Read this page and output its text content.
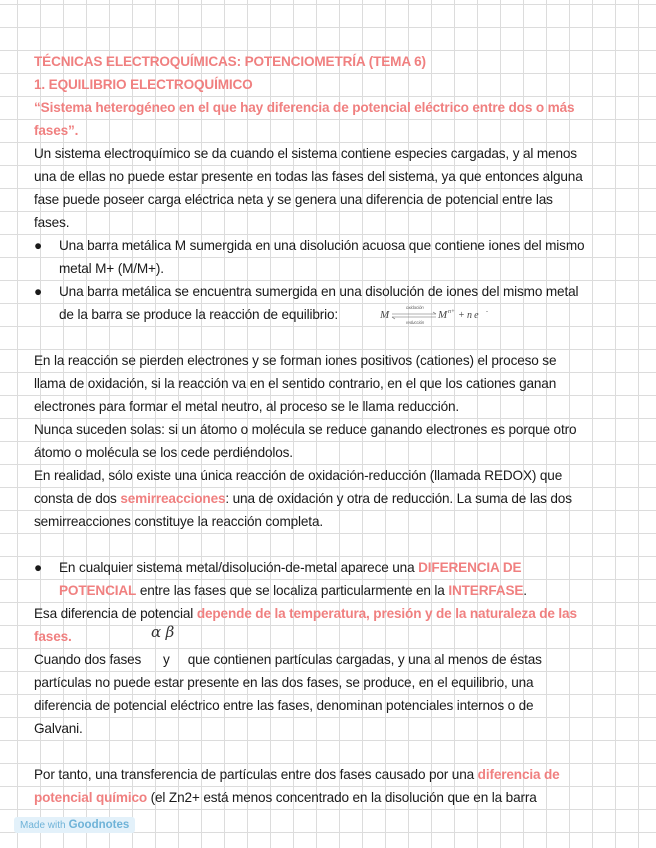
TÉCNICAS ELECTROQUÍMICAS: POTENCIOMETRÍA (TEMA 6)
1. EQUILIBRIO ELECTROQUÍMICO
“Sistema heterogéneo en el que hay diferencia de potencial eléctrico entre dos o más
fases”.
Un sistema electroquímico se da cuando el sistema contiene especies cargadas, y al menos
una de ellas no puede estar presente en todas las fases del sistema, ya que entonces alguna
fase puede poseer carga eléctrica neta y se genera una diferencia de potencial entre las
fases.
● Una barra metálica M sumergida en una disolución acuosa que contiene iones del mismo
metal M+ (M/M+).
● Una barra metálica se encuentra sumergida en una disolución de iones del mismo metal
de la barra se produce la reacción de equilibrio:	M
oxidación
reducción
M n+ + n e -
En la reacción se pierden electrones y se forman iones positivos (cationes) el proceso se
llama de oxidación, si la reacción va en el sentido contrario, en el que los cationes ganan
electrones para formar el metal neutro, al proceso se le llama reducción.
Nunca suceden solas: si un átomo o molécula se reduce ganando electrones es porque otro
átomo o molécula se los cede perdiéndolos.
En realidad, sólo existe una única reacción de oxidación-reducción (llamada REDOX) que
consta de dos semirreacciones: una de oxidación y otra de reducción. La suma de las dos
semirreacciones constituye la reacción completa.
● En cualquier sistema metal/disolución-de-metal aparece una DIFERENCIA DE
POTENCIAL entre las fases que se localiza particularmente en la INTERFASE.
Esa diferencia de potencial depende de la temperatura, presión y de la naturaleza de las
fases.	α β
Cuando dos fases      y     que contienen partículas cargadas, y una al menos de éstas
partículas no puede estar presente en las dos fases, se produce, en el equilibrio, una
diferencia de potencial eléctrico entre las fases, denominan potenciales internos o de
Galvani.
Por tanto, una transferencia de partículas entre dos fases causado por una diferencia de
potencial químico (el Zn2+ está menos concentrado en la disolución que en la barra
Made with Goodnotes
